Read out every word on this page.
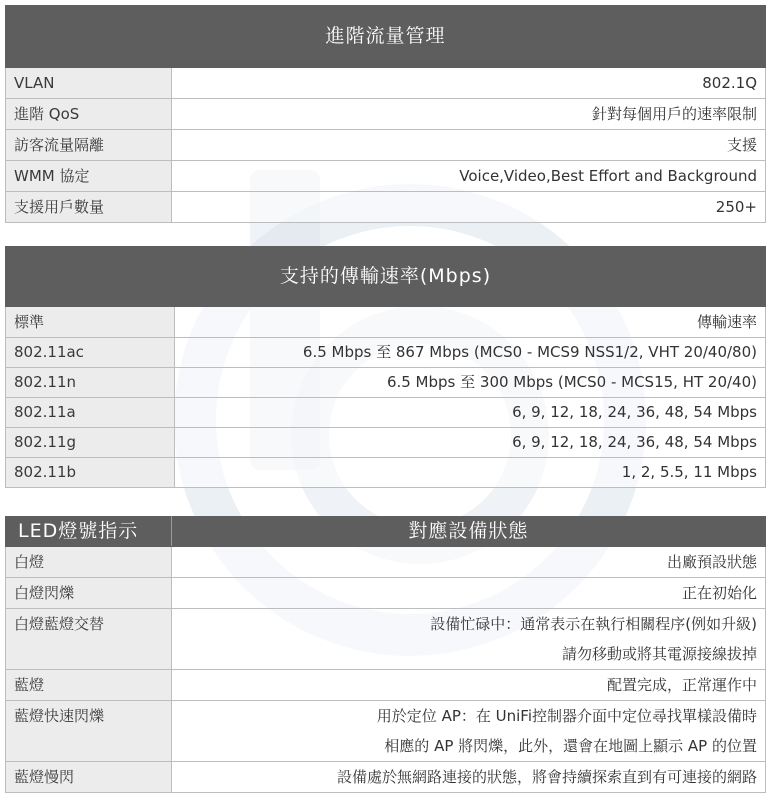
進階流量管理	
VLAN	802.1Q
進階 QoS	針對每個用戶的速率限制
訪客流量隔離	支援
WMM 協定	Voice,Video,Best Effort and Background
支援用戶數量	250+
支持的傳輸速率(Mbps)	
標準	傳輸速率
802.11ac	6.5 Mbps 至 867 Mbps (MCS0 - MCS9 NSS1/2, VHT 20/40/80)
802.11n	6.5 Mbps 至 300 Mbps (MCS0 - MCS15, HT 20/40)
802.11a	6, 9, 12, 18, 24, 36, 48, 54 Mbps
802.11g	6, 9, 12, 18, 24, 36, 48, 54 Mbps
802.11b	1, 2, 5.5, 11 Mbps
LED燈號指示	對應設備狀態
白燈	出廠預設狀態

白燈閃爍	正在初始化

白燈藍燈交替	設備忙碌中：通常表示在執行相關程序(例如升級)
請勿移動或將其電源接線拔掉

藍燈	配置完成，正常運作中

藍燈快速閃爍	用於定位 AP：在 UniFi控制器介面中定位尋找單樣設備時
相應的 AP 將閃爍，此外，還會在地圖上顯示 AP 的位置

藍燈慢閃	設備處於無網路連接的狀態，將會持續探索直到有可連接的網路
